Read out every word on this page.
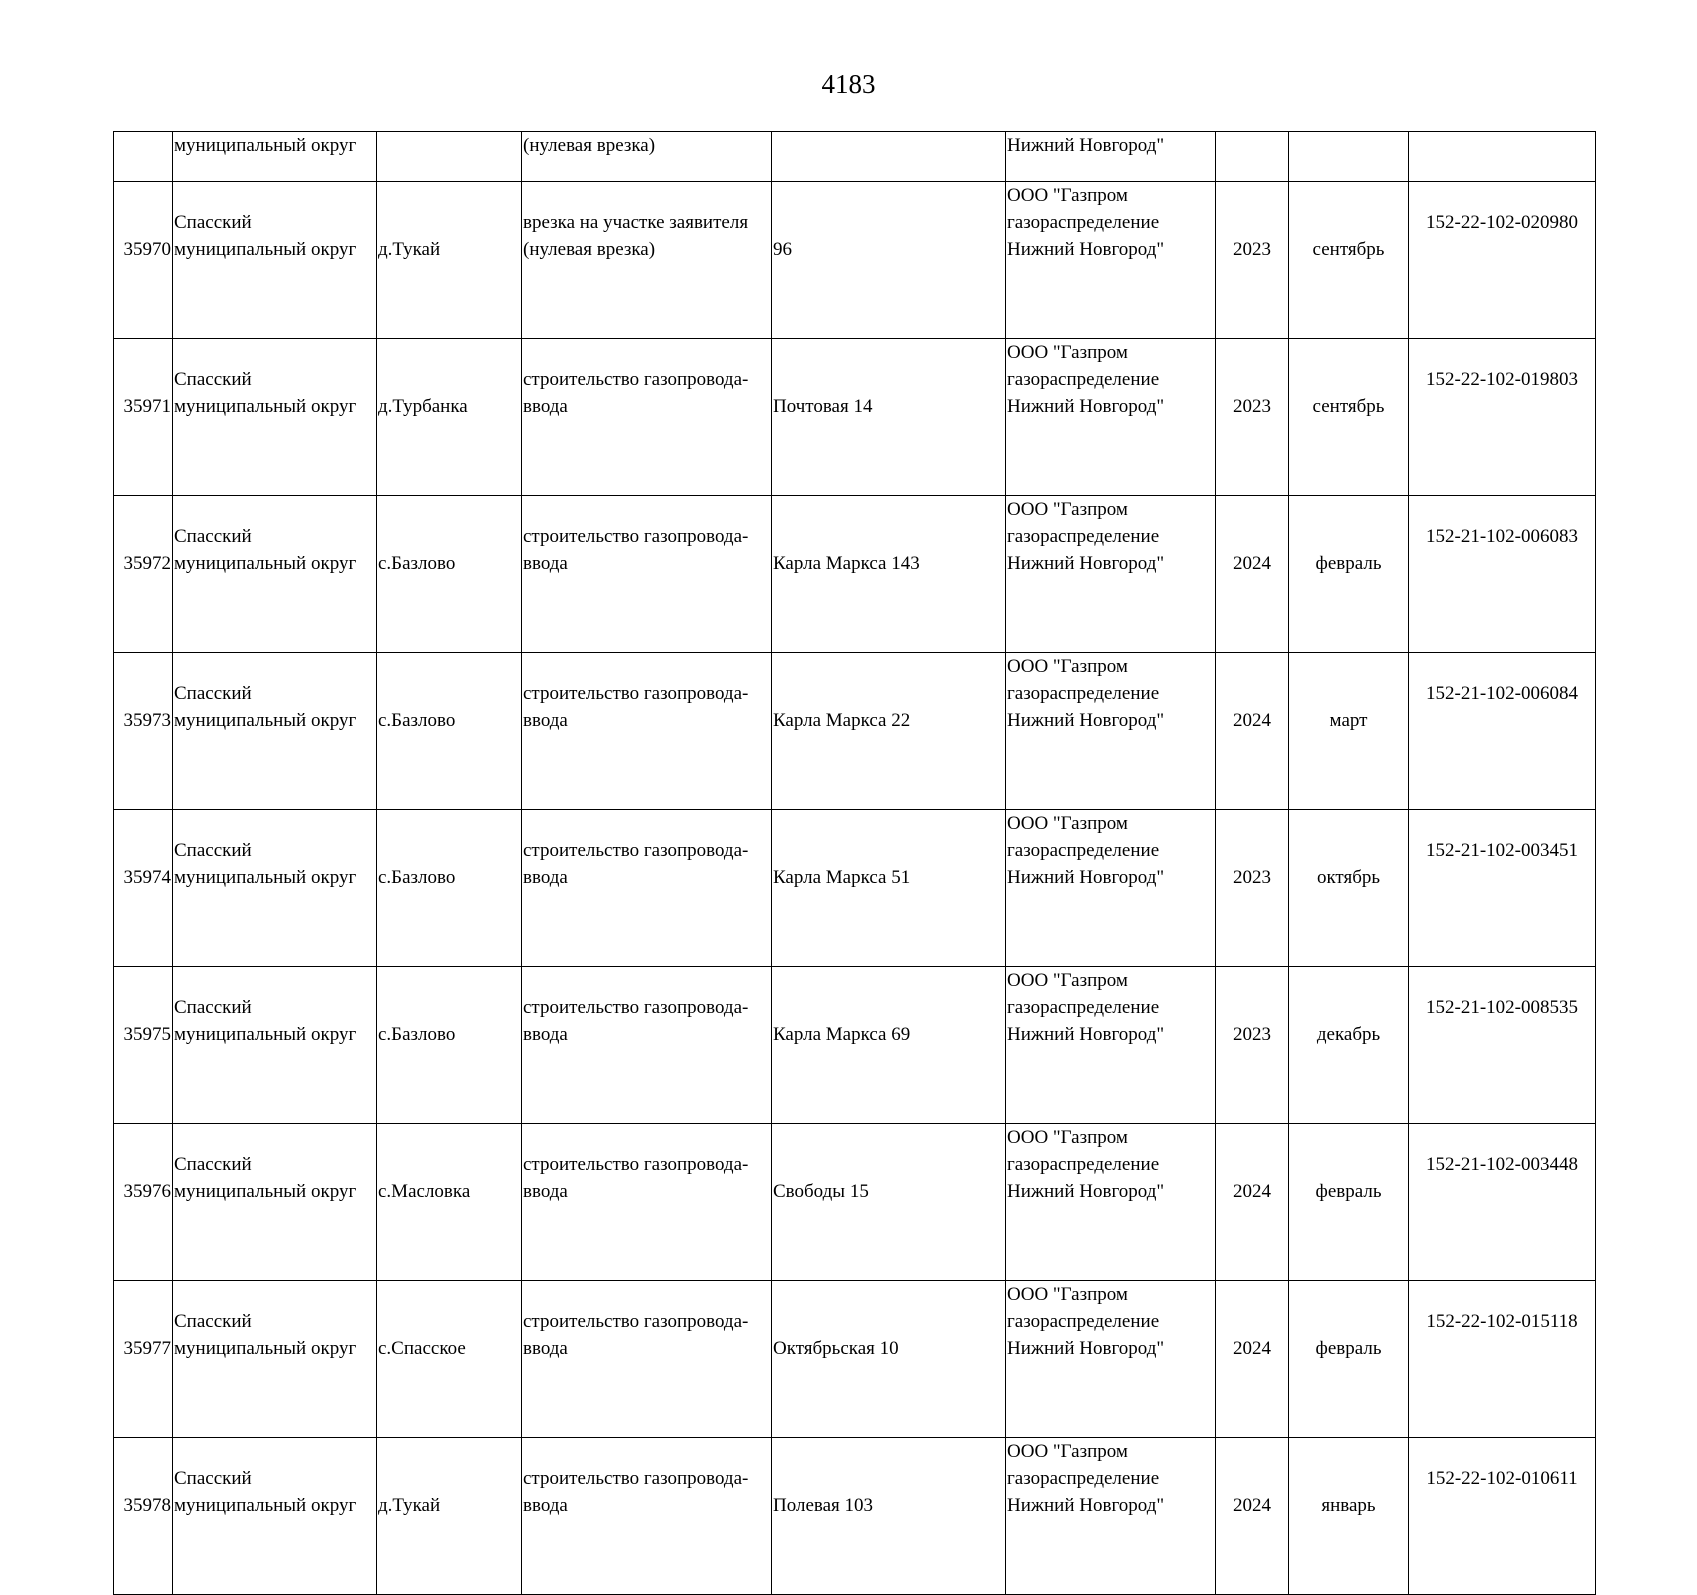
4183
	муниципальный округ		(нулевая врезка)		Нижний Новгород"			
35970	Спасский
муниципальный округ	д.Тукай	врезка на участке заявителя
(нулевая врезка)	96	ООО "Газпром
газораспределение
Нижний Новгород"	2023	сентябрь	152-22-102-020980
35971	Спасский
муниципальный округ	д.Турбанка	строительство газопровода-
ввода	Почтовая 14	ООО "Газпром
газораспределение
Нижний Новгород"	2023	сентябрь	152-22-102-019803
35972	Спасский
муниципальный округ	с.Базлово	строительство газопровода-
ввода	Карла Маркса 143	ООО "Газпром
газораспределение
Нижний Новгород"	2024	февраль	152-21-102-006083
35973	Спасский
муниципальный округ	с.Базлово	строительство газопровода-
ввода	Карла Маркса 22	ООО "Газпром
газораспределение
Нижний Новгород"	2024	март	152-21-102-006084
35974	Спасский
муниципальный округ	с.Базлово	строительство газопровода-
ввода	Карла Маркса 51	ООО "Газпром
газораспределение
Нижний Новгород"	2023	октябрь	152-21-102-003451
35975	Спасский
муниципальный округ	с.Базлово	строительство газопровода-
ввода	Карла Маркса 69	ООО "Газпром
газораспределение
Нижний Новгород"	2023	декабрь	152-21-102-008535
35976	Спасский
муниципальный округ	с.Масловка	строительство газопровода-
ввода	Свободы 15	ООО "Газпром
газораспределение
Нижний Новгород"	2024	февраль	152-21-102-003448
35977	Спасский
муниципальный округ	с.Спасское	строительство газопровода-
ввода	Октябрьская 10	ООО "Газпром
газораспределение
Нижний Новгород"	2024	февраль	152-22-102-015118
35978	Спасский
муниципальный округ	д.Тукай	строительство газопровода-
ввода	Полевая 103	ООО "Газпром
газораспределение
Нижний Новгород"	2024	январь	152-22-102-010611
